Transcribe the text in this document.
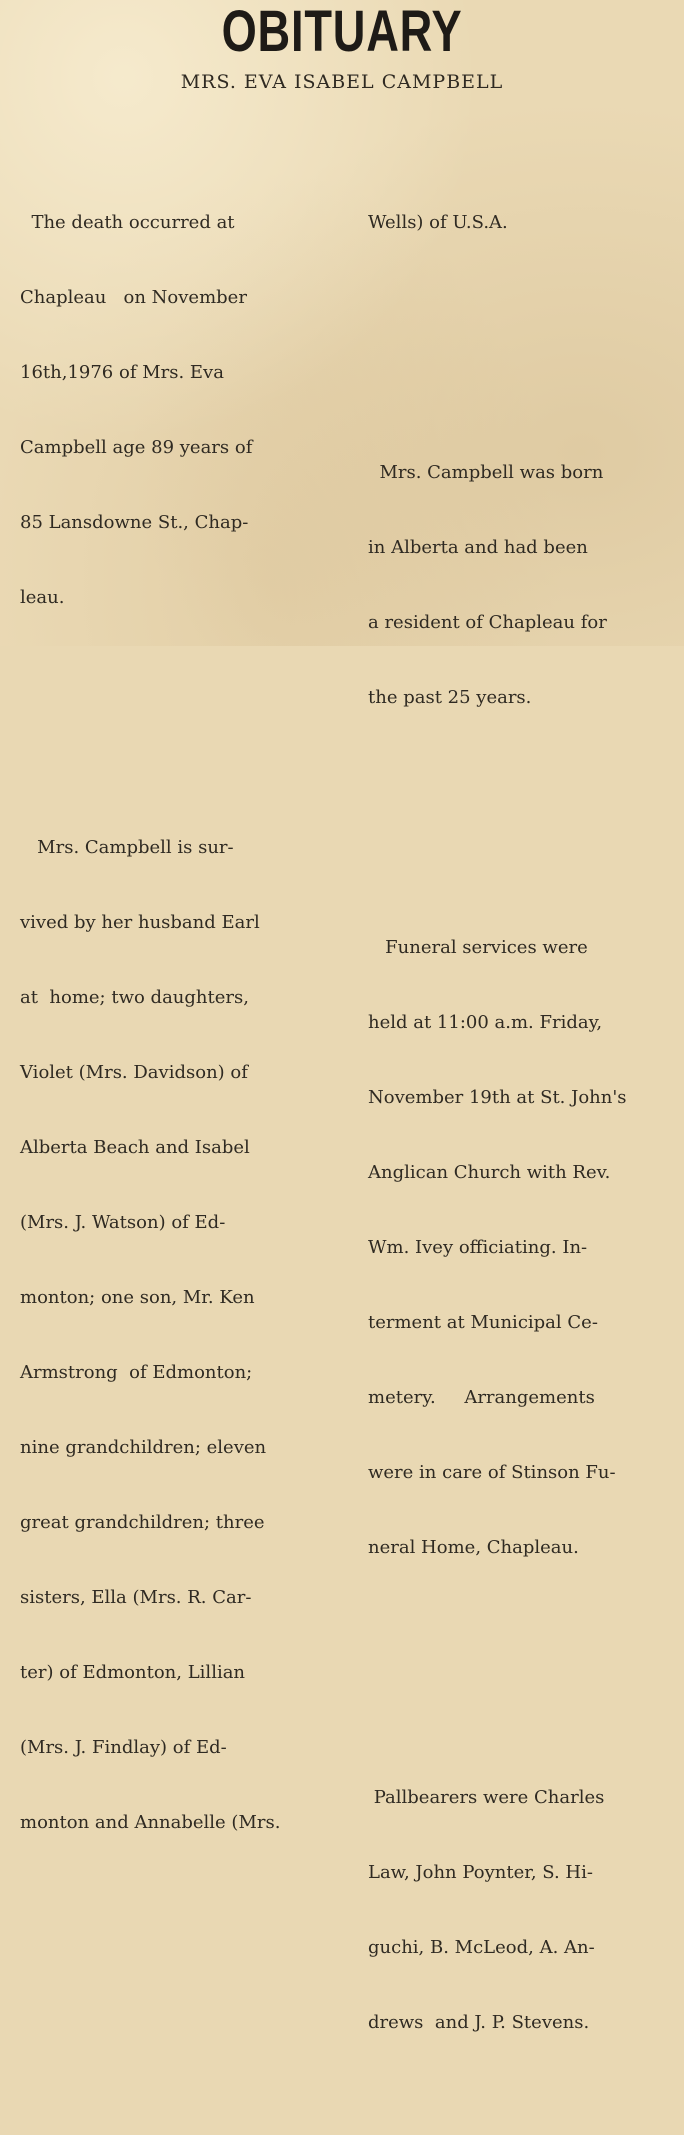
OBITUARY
MRS. EVA ISABEL CAMPBELL

The death occurred at

Chapleau   on November

16th,1976 of Mrs. Eva

Campbell age 89 years of

85 Lansdowne St., Chap-

leau.

Mrs. Campbell is sur-

vived by her husband Earl

at  home; two daughters,

Violet (Mrs. Davidson) of

Alberta Beach and Isabel

(Mrs. J. Watson) of Ed-

monton; one son, Mr. Ken

Armstrong  of Edmonton;

nine grandchildren; eleven

great grandchildren; three

sisters, Ella (Mrs. R. Car-

ter) of Edmonton, Lillian

(Mrs. J. Findlay) of Ed-

monton and Annabelle (Mrs.

Wells) of U.S.A.

Mrs. Campbell was born

in Alberta and had been

a resident of Chapleau for

the past 25 years.

Funeral services were

held at 11:00 a.m. Friday,

November 19th at St. John's

Anglican Church with Rev.

Wm. Ivey officiating. In-

terment at Municipal Ce-

metery.     Arrangements

were in care of Stinson Fu-

neral Home, Chapleau.

Pallbearers were Charles

Law, John Poynter, S. Hi-

guchi, B. McLeod, A. An-

drews  and J. P. Stevens.
